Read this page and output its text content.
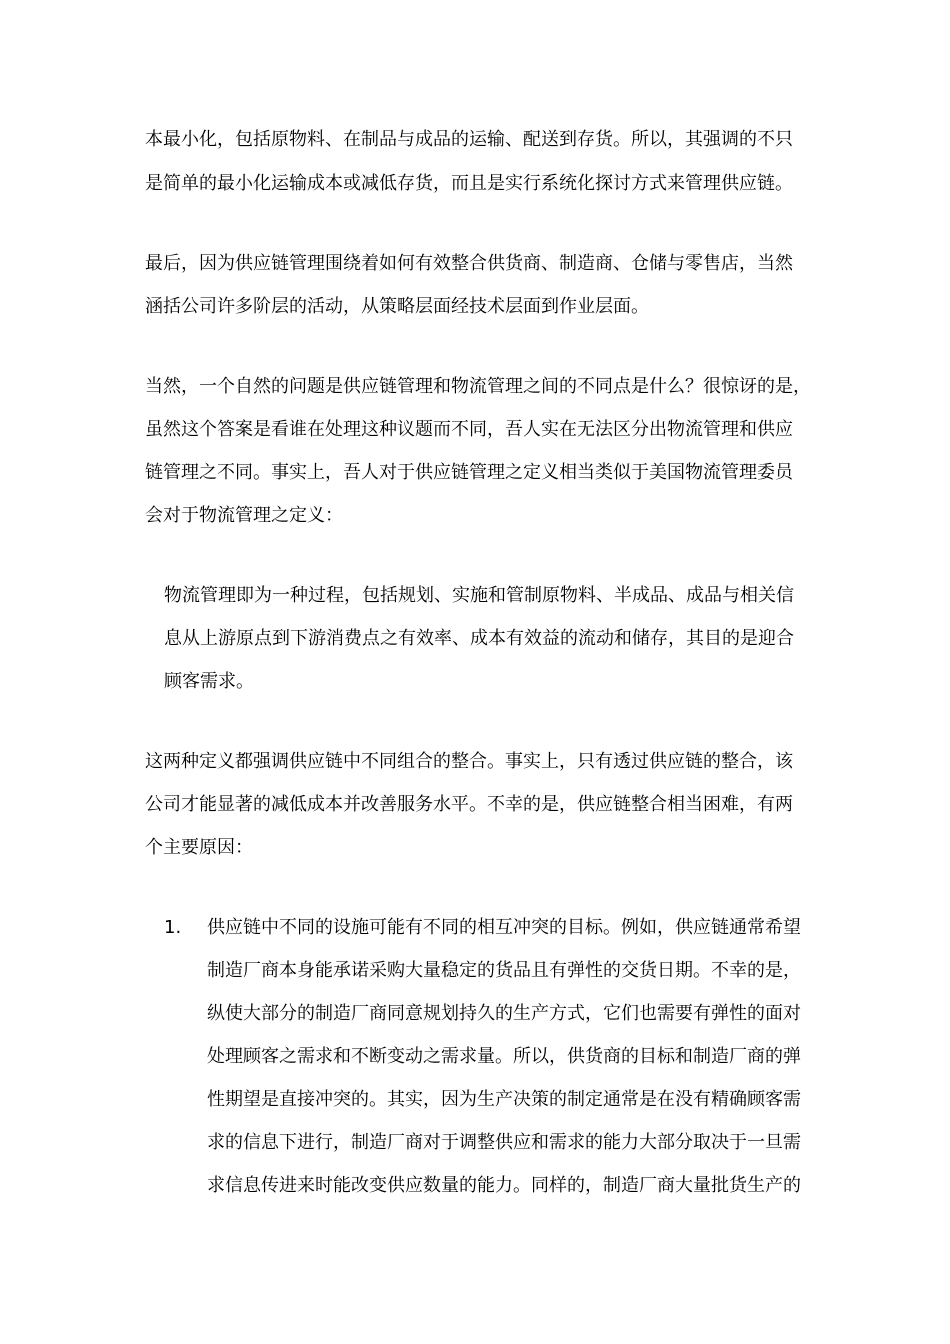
本最小化，包括原物料、在制品与成品的运输、配送到存货。所以，其强调的不只

是简单的最小化运输成本或减低存货，而且是实行系统化探讨方式来管理供应链。

最后，因为供应链管理围绕着如何有效整合供货商、制造商、仓储与零售店，当然

涵括公司许多阶层的活动，从策略层面经技术层面到作业层面。

当然，一个自然的问题是供应链管理和物流管理之间的不同点是什么？很惊讶的是，

虽然这个答案是看谁在处理这种议题而不同，吾人实在无法区分出物流管理和供应

链管理之不同。事实上，吾人对于供应链管理之定义相当类似于美国物流管理委员

会对于物流管理之定义：

物流管理即为一种过程，包括规划、实施和管制原物料、半成品、成品与相关信

息从上游原点到下游消费点之有效率、成本有效益的流动和储存，其目的是迎合

顾客需求。

这两种定义都强调供应链中不同组合的整合。事实上，只有透过供应链的整合，该

公司才能显著的减低成本并改善服务水平。不幸的是，供应链整合相当困难，有两

个主要原因：

1. 供应链中不同的设施可能有不同的相互冲突的目标。例如，供应链通常希望

制造厂商本身能承诺采购大量稳定的货品且有弹性的交货日期。不幸的是，

纵使大部分的制造厂商同意规划持久的生产方式，它们也需要有弹性的面对

处理顾客之需求和不断变动之需求量。所以，供货商的目标和制造厂商的弹

性期望是直接冲突的。其实，因为生产决策的制定通常是在没有精确顾客需

求的信息下进行，制造厂商对于调整供应和需求的能力大部分取决于一旦需

求信息传进来时能改变供应数量的能力。同样的，制造厂商大量批货生产的
